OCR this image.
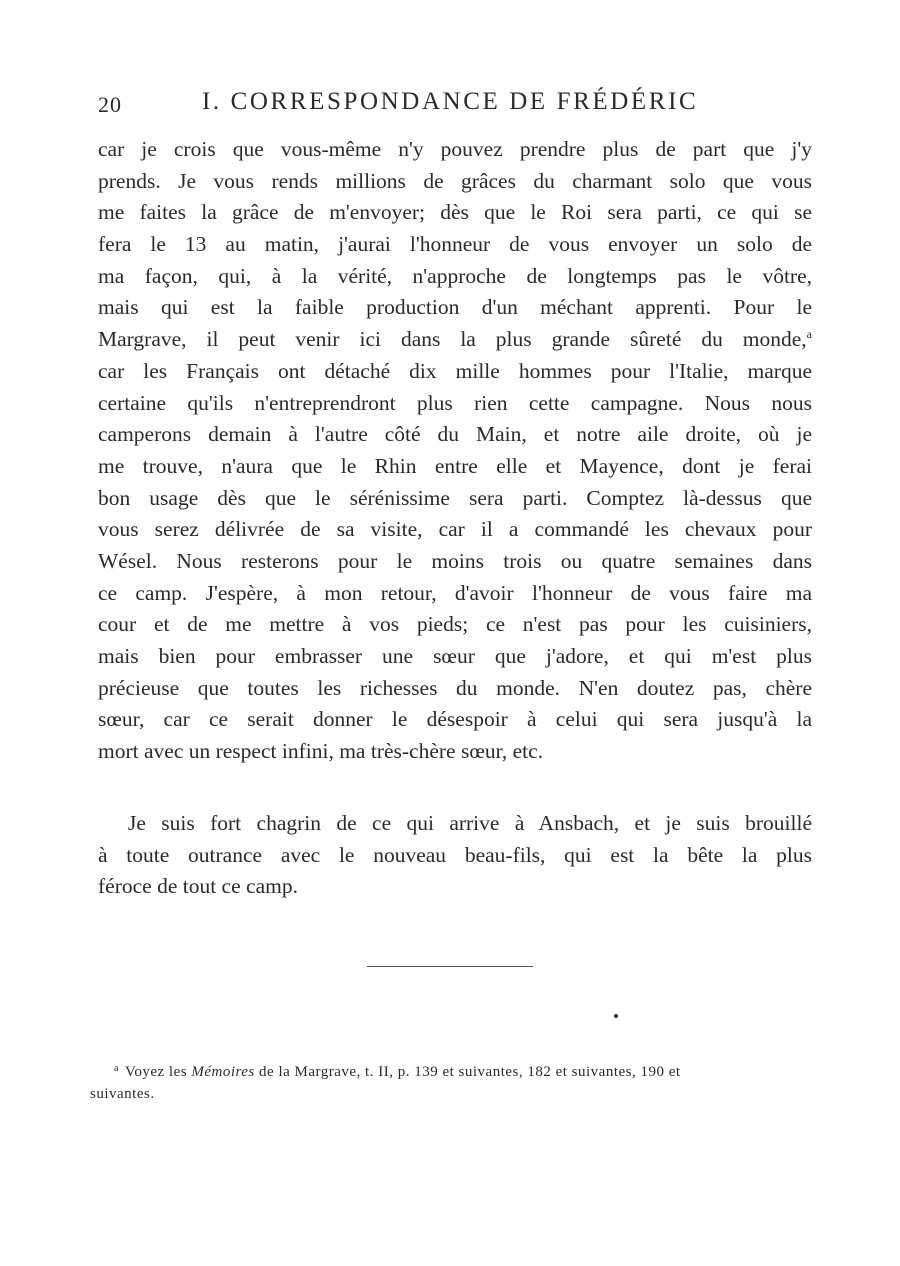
20	I. CORRESPONDANCE DE FRÉDÉRIC
car je crois que vous-même n'y pouvez prendre plus de part que j'y
prends. Je vous rends millions de grâces du charmant solo que vous
me faites la grâce de m'envoyer; dès que le Roi sera parti, ce qui se
fera le 13 au matin, j'aurai l'honneur de vous envoyer un solo de
ma façon, qui, à la vérité, n'approche de longtemps pas le vôtre,
mais qui est la faible production d'un méchant apprenti. Pour le
Margrave, il peut venir ici dans la plus grande sûreté du monde,$^a$
car les Français ont détaché dix mille hommes pour l'Italie, marque
certaine qu'ils n'entreprendront plus rien cette campagne. Nous nous
camperons demain à l'autre côté du Main, et notre aile droite, où je
me trouve, n'aura que le Rhin entre elle et Mayence, dont je ferai
bon usage dès que le sérénissime sera parti. Comptez là-dessus que
vous serez délivrée de sa visite, car il a commandé les chevaux pour
Wésel. Nous resterons pour le moins trois ou quatre semaines dans
ce camp. J'espère, à mon retour, d'avoir l'honneur de vous faire ma
cour et de me mettre à vos pieds; ce n'est pas pour les cuisiniers,
mais bien pour embrasser une sœur que j'adore, et qui m'est plus
précieuse que toutes les richesses du monde. N'en doutez pas, chère
sœur, car ce serait donner le désespoir à celui qui sera jusqu'à la
mort avec un respect infini, ma très-chère sœur, etc.
Je suis fort chagrin de ce qui arrive à Ansbach, et je suis brouillé
à toute outrance avec le nouveau beau-fils, qui est la bête la plus
féroce de tout ce camp.
$^a$ Voyez les Mémoires de la Margrave, t. II, p. 139 et suivantes, 182 et suivantes, 190 et
suivantes.
